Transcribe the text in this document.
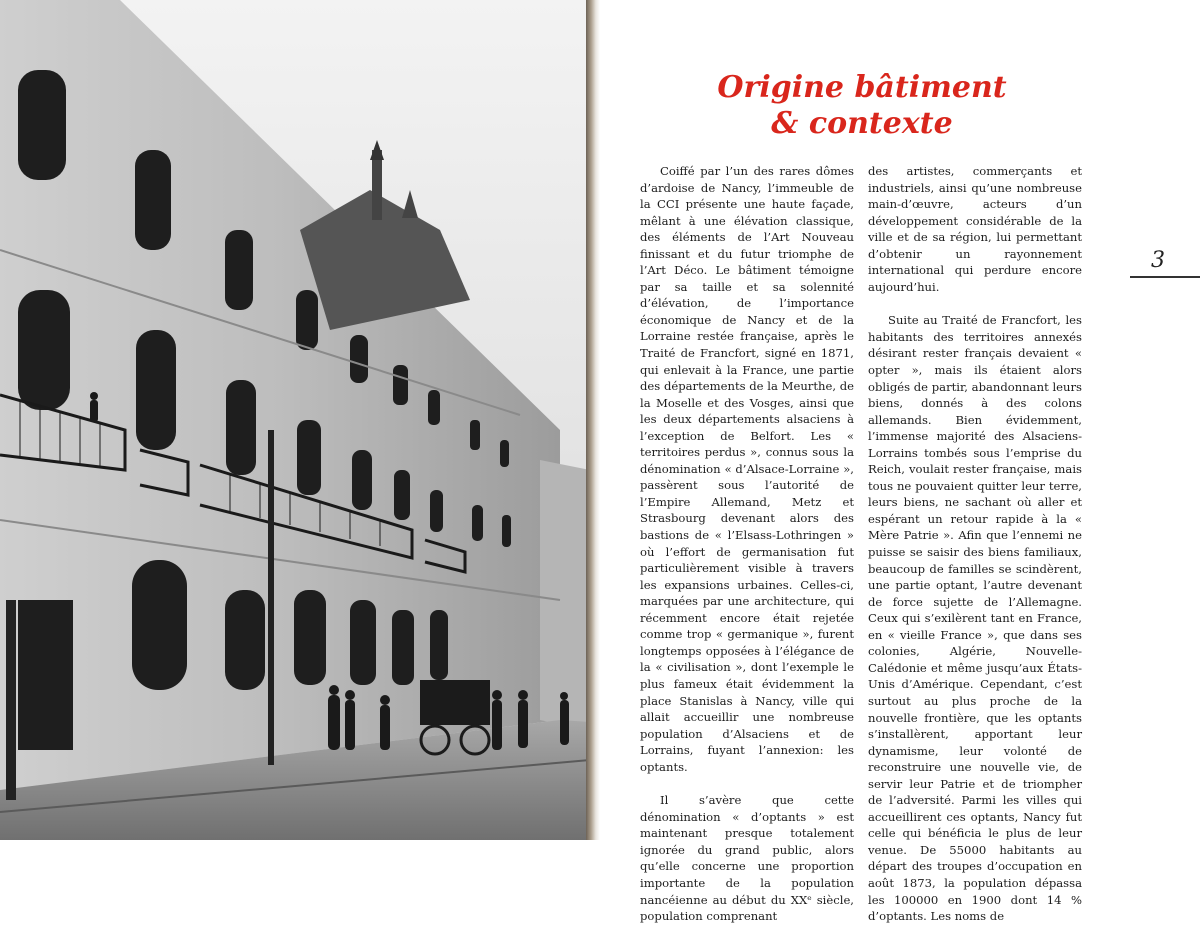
Origine bâtiment
& contexte

Coiffé par l’un des rares dômes d’ardoise de Nancy, l’immeuble de la CCI présente une haute façade, mêlant à une élévation classique, des éléments de l’Art Nouveau finissant et du futur triomphe de l’Art Déco. Le bâtiment témoigne par sa taille et sa solennité d’élévation, de l’importance économique de Nancy et de la Lorraine restée française, après le Traité de Francfort, signé en 1871, qui enlevait à la France, une partie des départements de la Meurthe, de la Moselle et des Vosges, ainsi que les deux départements alsaciens à l’exception de Belfort. Les « territoires perdus », connus sous la dénomination « d’Alsace-Lorraine », passèrent sous l’autorité de l’Empire Allemand, Metz et Strasbourg devenant alors des bastions de « l’Elsass-Lothringen » où l’effort de germanisation fut particulièrement visible à travers les expansions urbaines. Celles-ci, marquées par une architecture, qui récemment encore était rejetée comme trop « germanique », furent longtemps opposées à l’élégance de la « civilisation », dont l’exemple le plus fameux était évidemment la place Stanislas à Nancy, ville qui allait accueillir une nombreuse population d’Alsaciens et de Lorrains, fuyant l’annexion: les optants.

Il s’avère que cette dénomination « d’optants » est maintenant presque totalement ignorée du grand public, alors qu’elle concerne une proportion importante de la population nancéienne au début du XXᵉ siècle, population comprenant

des artistes, commerçants et industriels, ainsi qu’une nombreuse main-d’œuvre, acteurs d’un développement considérable de la ville et de sa région, lui permettant d’obtenir un rayonnement international qui perdure encore aujourd’hui.

Suite au Traité de Francfort, les habitants des territoires annexés désirant rester français devaient « opter », mais ils étaient alors obligés de partir, abandonnant leurs biens, donnés à des colons allemands. Bien évidemment, l’immense majorité des Alsaciens-Lorrains tombés sous l’emprise du Reich, voulait rester française, mais tous ne pouvaient quitter leur terre, leurs biens, ne sachant où aller et espérant un retour rapide à la « Mère Patrie ». Afin que l’ennemi ne puisse se saisir des biens familiaux, beaucoup de familles se scindèrent, une partie optant, l’autre devenant de force sujette de l’Allemagne. Ceux qui s’exilèrent tant en France, en « vieille France », que dans ses colonies, Algérie, Nouvelle-Calédonie et même jusqu’aux États-Unis d’Amérique. Cependant, c’est surtout au plus proche de la nouvelle frontière, que les optants s’installèrent, apportant leur dynamisme, leur volonté de reconstruire une nouvelle vie, de servir leur Patrie et de triompher de l’adversité. Parmi les villes qui accueillirent ces optants, Nancy fut celle qui bénéficia le plus de leur venue. De 55000 habitants au départ des troupes d’occupation en août 1873, la population dépassa les 100000 en 1900 dont 14 % d’optants. Les noms de

3
